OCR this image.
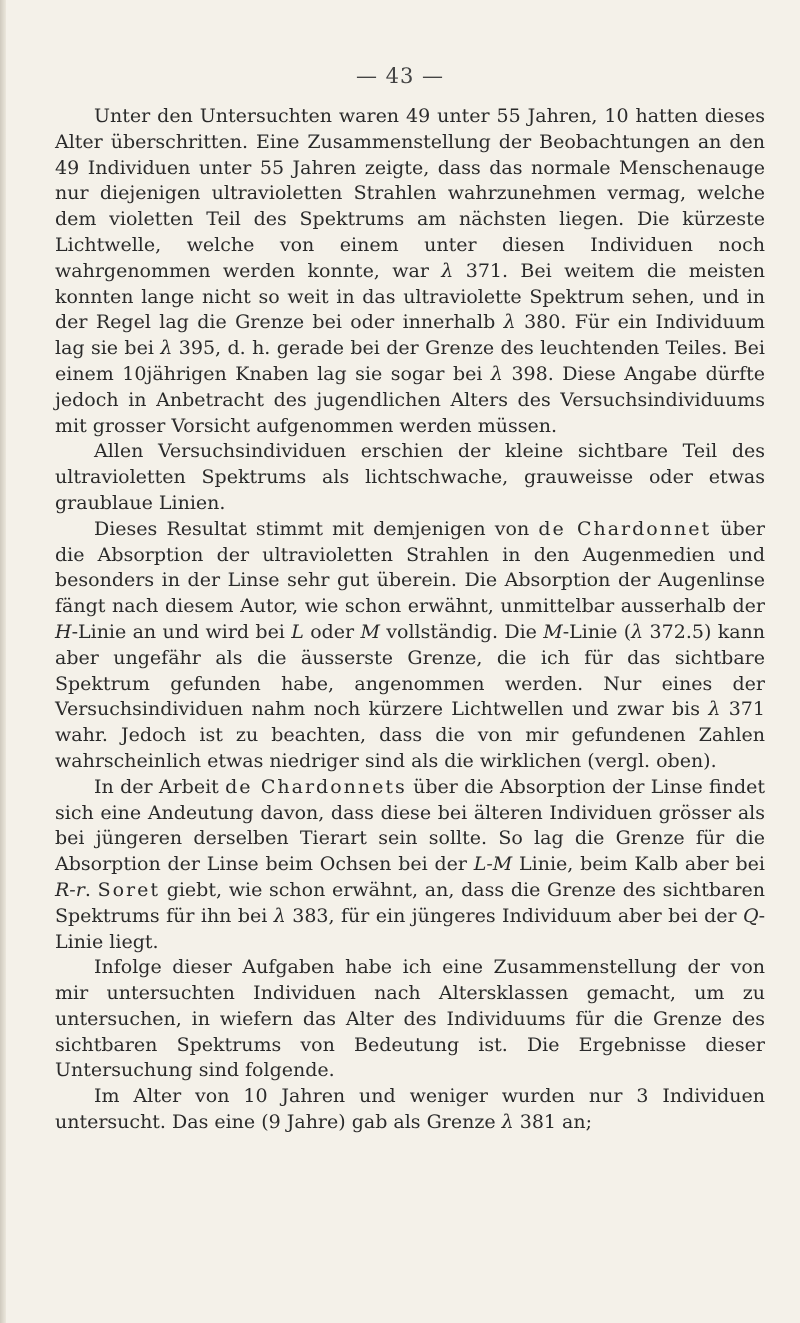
— 43 —

Unter den Untersuchten waren 49 unter 55 Jahren, 10 hatten dieses Alter überschritten. Eine Zusammenstellung der Beobachtungen an den 49 Individuen unter 55 Jahren zeigte, dass das normale Menschenauge nur diejenigen ultravioletten Strahlen wahrzunehmen vermag, welche dem violetten Teil des Spektrums am nächsten liegen. Die kürzeste Lichtwelle, welche von einem unter diesen Individuen noch wahrgenommen werden konnte, war λ 371. Bei weitem die meisten konnten lange nicht so weit in das ultraviolette Spektrum sehen, und in der Regel lag die Grenze bei oder innerhalb λ 380. Für ein Individuum lag sie bei λ 395, d. h. gerade bei der Grenze des leuchtenden Teiles. Bei einem 10jährigen Knaben lag sie sogar bei λ 398. Diese Angabe dürfte jedoch in Anbetracht des jugendlichen Alters des Versuchsindividuums mit grosser Vorsicht aufgenommen werden müssen.

Allen Versuchsindividuen erschien der kleine sichtbare Teil des ultravioletten Spektrums als lichtschwache, grauweisse oder etwas graublaue Linien.

Dieses Resultat stimmt mit demjenigen von de Chardonnet über die Absorption der ultravioletten Strahlen in den Augenmedien und besonders in der Linse sehr gut überein. Die Absorption der Augenlinse fängt nach diesem Autor, wie schon erwähnt, unmittelbar ausserhalb der H-Linie an und wird bei L oder M vollständig. Die M-Linie (λ 372.5) kann aber ungefähr als die äusserste Grenze, die ich für das sichtbare Spektrum gefunden habe, angenommen werden. Nur eines der Versuchsindividuen nahm noch kürzere Lichtwellen und zwar bis λ 371 wahr. Jedoch ist zu beachten, dass die von mir gefundenen Zahlen wahrscheinlich etwas niedriger sind als die wirklichen (vergl. oben).

In der Arbeit de Chardonnets über die Absorption der Linse findet sich eine Andeutung davon, dass diese bei älteren Individuen grösser als bei jüngeren derselben Tierart sein sollte. So lag die Grenze für die Absorption der Linse beim Ochsen bei der L-M Linie, beim Kalb aber bei R-r. Soret giebt, wie schon erwähnt, an, dass die Grenze des sichtbaren Spektrums für ihn bei λ 383, für ein jüngeres Individuum aber bei der Q-Linie liegt.

Infolge dieser Aufgaben habe ich eine Zusammenstellung der von mir untersuchten Individuen nach Altersklassen gemacht, um zu untersuchen, in wiefern das Alter des Individuums für die Grenze des sichtbaren Spektrums von Bedeutung ist. Die Ergebnisse dieser Untersuchung sind folgende.

Im Alter von 10 Jahren und weniger wurden nur 3 Individuen untersucht. Das eine (9 Jahre) gab als Grenze λ 381 an;
